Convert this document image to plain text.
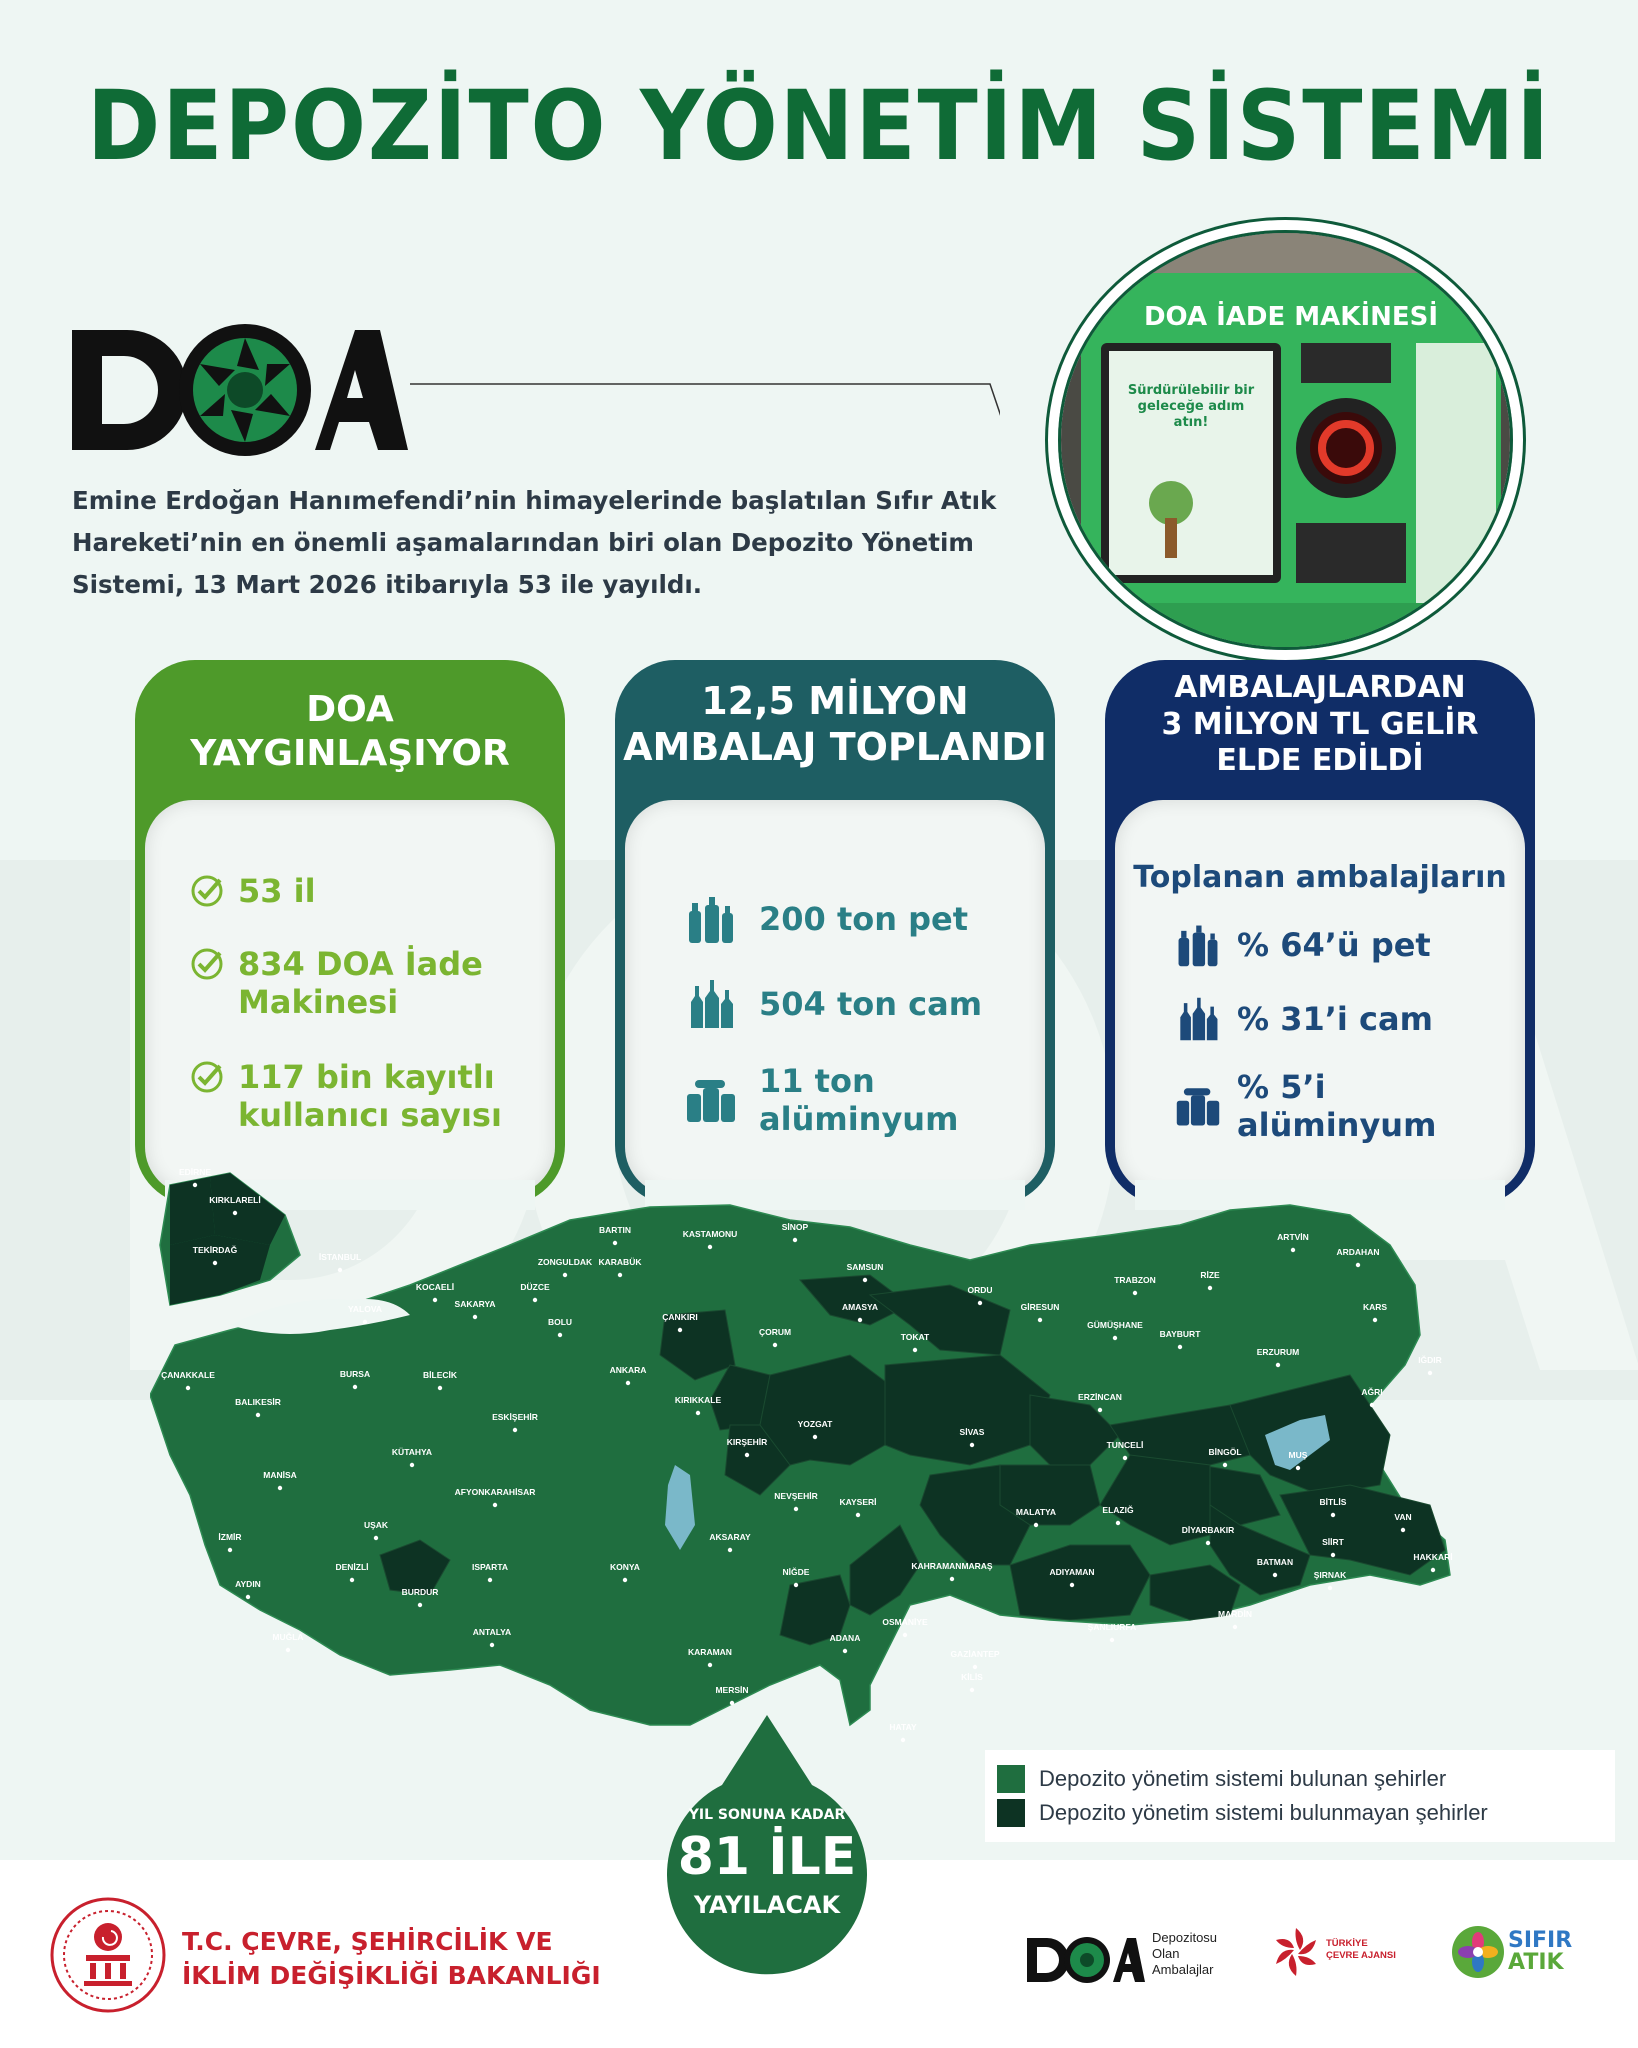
DEPOZİTO YÖNETİM SİSTEMİ
Emine Erdoğan Hanımefendi’nin himayelerinde başlatılan Sıfır Atık
Hareketi’nin en önemli aşamalarından biri olan Depozito Yönetim
Sistemi, 13 Mart 2026 itibarıyla 53 ile yayıldı.
DOA İADE MAKİNESİ
Sürdürülebilir bir geleceğe adım atın!
DOA
YAYGINLAŞIYOR
53 il
834 DOA İade
Makinesi
117 bin kayıtlı
kullanıcı sayısı
12,5 MİLYON
AMBALAJ TOPLANDI
200 ton pet
504 ton cam
11 ton alüminyum
AMBALAJLARDAN
3 MİLYON TL GELİR
ELDE EDİLDİ
Toplanan ambalajların
% 64’ü pet
% 31’i cam
% 5’i alüminyum
EDİRNE
KIRKLARELİ
TEKİRDAĞ
İSTANBUL
YALOVA
KOCAELİ
SAKARYA
DÜZCE
BOLU
ZONGULDAK KARABÜK
BARTIN	KASTAMONU
SİNOP
SAMSUN
ÇANKIRI
ÇORUM
AMASYA
TOKAT
ORDU
GİRESUN
TRABZON	RİZE
ARTVİN
ARDAHAN
KARS
IĞDIR
AĞRI
ERZURUM
BAYBURT
GÜMÜŞHANE
ERZİNCAN
TUNCELİ
BİNGÖL	MUŞ
BİTLİS
VAN
HAKKARİ
ŞIRNAK
SİİRT
BATMAN
MARDİN
DİYARBAKIR
ELAZIĞ
MALATYA
ADIYAMAN
ŞANLIURFA
GAZİANTEP
KİLİS
HATAY
OSMANİYE
ADANA
KAHRAMANMARAŞ
KAYSERİ
SİVAS
YOZGAT
KIRŞEHİR
NEVŞEHİR
NİĞDE
AKSARAY
KIRIKKALE
ANKARA
ESKİŞEHİR
BİLECİK
BURSA
BALIKESİR
ÇANAKKALE
KÜTAHYA
AFYONKARAHİSAR
UŞAK
MANİSA
İZMİR
AYDIN
DENİZLİ
MUĞLA
BURDUR
ISPARTA
ANTALYA
KONYA
KARAMAN
MERSİN
Depozito yönetim sistemi bulunan şehirler
Depozito yönetim sistemi bulunmayan şehirler
YIL SONUNA KADAR
81 İLE
YAYILACAK
T.C. ÇEVRE, ŞEHİRCİLİK VE
İKLİM DEĞİŞİKLİĞİ BAKANLIĞI
Depozitosu
Olan
Ambalajlar
TÜRKİYE
ÇEVRE AJANSI
SIFIR
ATIK
